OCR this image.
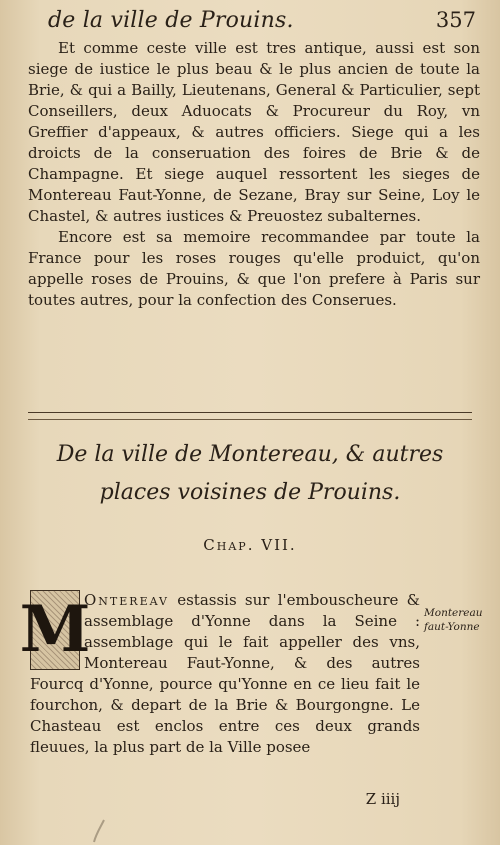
de la ville de Prouins.	357

Et comme ceste ville est tres antique, aussi est son siege de iustice le plus beau & le plus ancien de toute la Brie, & qui a Bailly, Lieutenans, General & Particulier, sept Conseillers, deux Aduocats & Procureur du Roy, vn Greffier d'appeaux, & autres officiers. Siege qui a les droicts de la conseruation des foires de Brie & de Champagne. Et siege auquel ressortent les sieges de Montereau Faut-Yonne, de Sezane, Bray sur Seine, Loy le Chastel, & autres iustices & Preuostez subalternes.

Encore est sa memoire recommandee par toute la France pour les roses rouges qu'elle produict, qu'on appelle roses de Prouins, & que l'on prefere à Paris sur toutes autres, pour la confection des Conserues.

De la ville de Montereau, & autres
places voisines de Prouins.
Chap. VII.
M
Ontereav estassis sur l'embouscheure & assemblage d'Yonne dans la Seine : assemblage qui le fait appeller des vns, Montereau Faut-Yonne, & des autres Fourcq d'Yonne, pource qu'Yonne en ce lieu fait le fourchon, & depart de la Brie & Bourgongne. Le Chasteau est enclos entre ces deux grands fleuues, la plus part de la Ville posee
Montereau faut-Yonne
Z iiij
